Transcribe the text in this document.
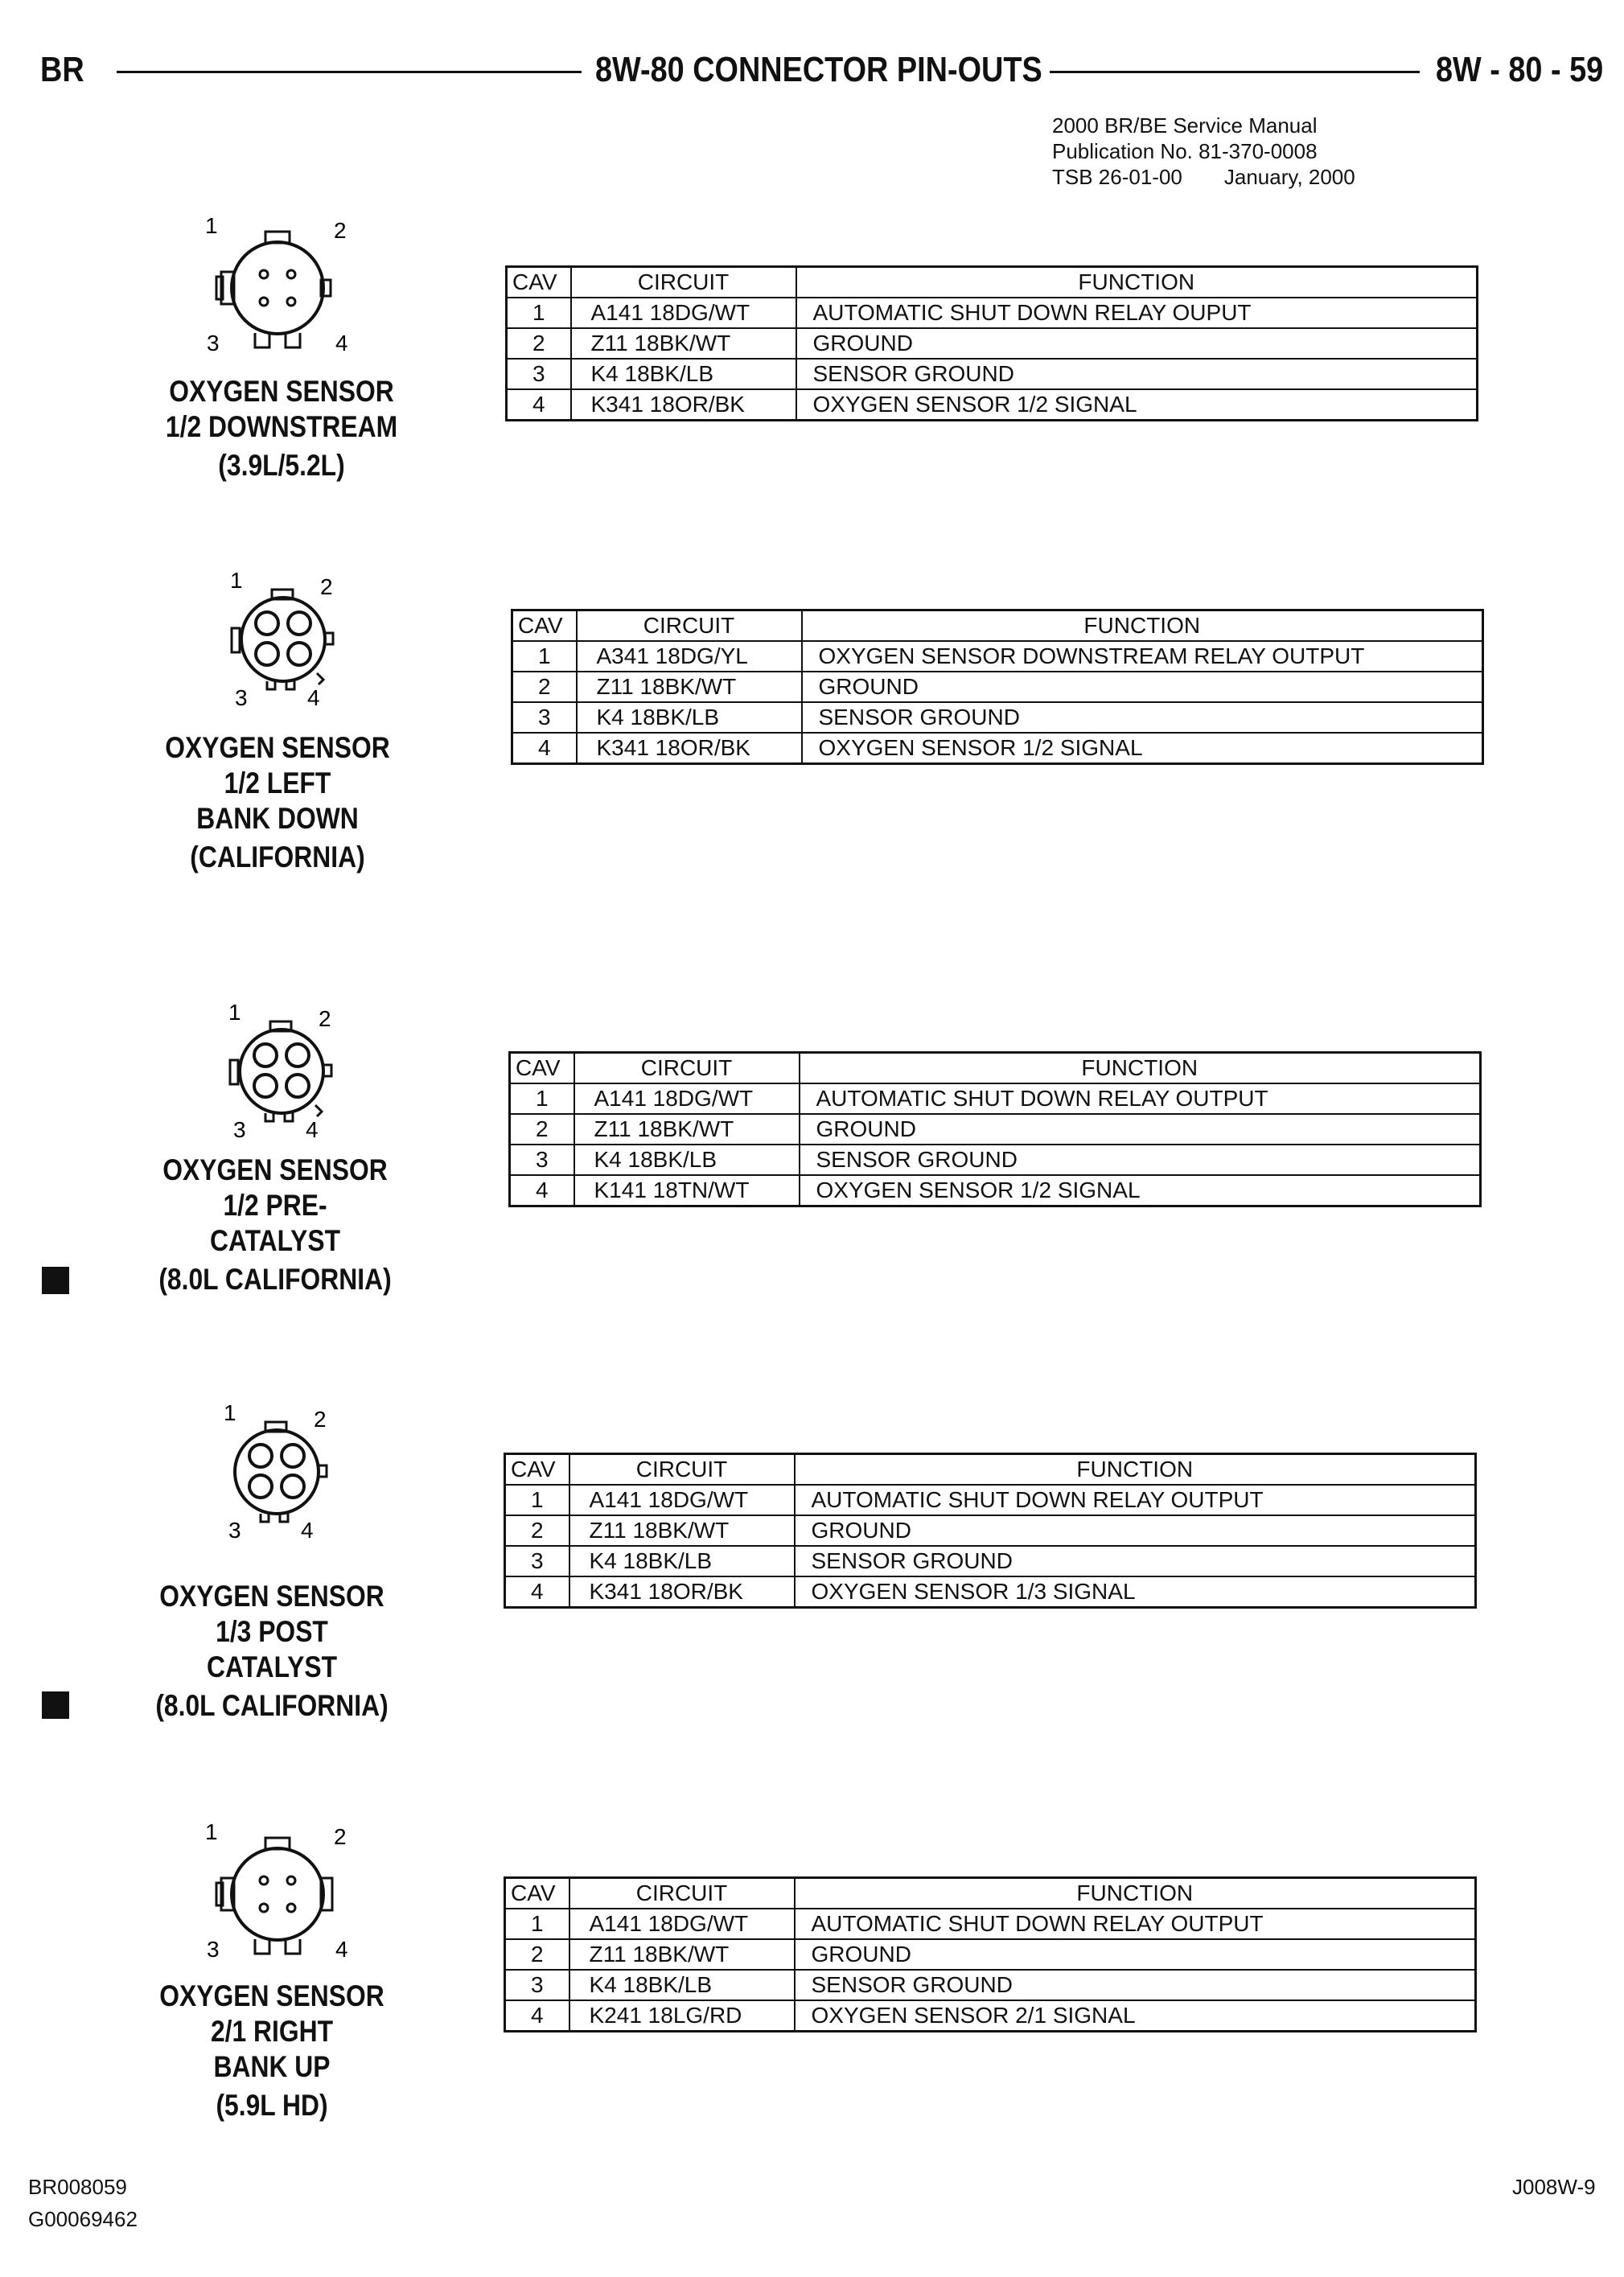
BR	8W-80 CONNECTOR PIN-OUTS	8W - 80 - 59
2000 BR/BE Service Manual
Publication No. 81-370-0008
TSB 26-01-00 January, 2000
1	2
3	4
OXYGEN SENSOR
1/2 DOWNSTREAM
(3.9L/5.2L)
CAV	CIRCUIT	FUNCTION
1	A141 18DG/WT	AUTOMATIC SHUT DOWN RELAY OUPUT
2	Z11 18BK/WT	GROUND
3	K4 18BK/LB	SENSOR GROUND
4	K341 18OR/BK	OXYGEN SENSOR 1/2 SIGNAL
1	2
3	4
OXYGEN SENSOR
1/2 LEFT
BANK DOWN
(CALIFORNIA)
CAV	CIRCUIT	FUNCTION
1	A341 18DG/YL	OXYGEN SENSOR DOWNSTREAM RELAY OUTPUT
2	Z11 18BK/WT	GROUND
3	K4 18BK/LB	SENSOR GROUND
4	K341 18OR/BK	OXYGEN SENSOR 1/2 SIGNAL
1	2
3	4
OXYGEN SENSOR
1/2 PRE-
CATALYST
(8.0L CALIFORNIA)
CAV	CIRCUIT	FUNCTION
1	A141 18DG/WT	AUTOMATIC SHUT DOWN RELAY OUTPUT
2	Z11 18BK/WT	GROUND
3	K4 18BK/LB	SENSOR GROUND
4	K141 18TN/WT	OXYGEN SENSOR 1/2 SIGNAL
1	2
3	4
OXYGEN SENSOR
1/3 POST
CATALYST
(8.0L CALIFORNIA)
CAV	CIRCUIT	FUNCTION
1	A141 18DG/WT	AUTOMATIC SHUT DOWN RELAY OUTPUT
2	Z11 18BK/WT	GROUND
3	K4 18BK/LB	SENSOR GROUND
4	K341 18OR/BK	OXYGEN SENSOR 1/3 SIGNAL
1	2
3	4
OXYGEN SENSOR
2/1 RIGHT
BANK UP
(5.9L HD)
CAV	CIRCUIT	FUNCTION
1	A141 18DG/WT	AUTOMATIC SHUT DOWN RELAY OUTPUT
2	Z11 18BK/WT	GROUND
3	K4 18BK/LB	SENSOR GROUND
4	K241 18LG/RD	OXYGEN SENSOR 2/1 SIGNAL
BR008059
G00069462
J008W-9
